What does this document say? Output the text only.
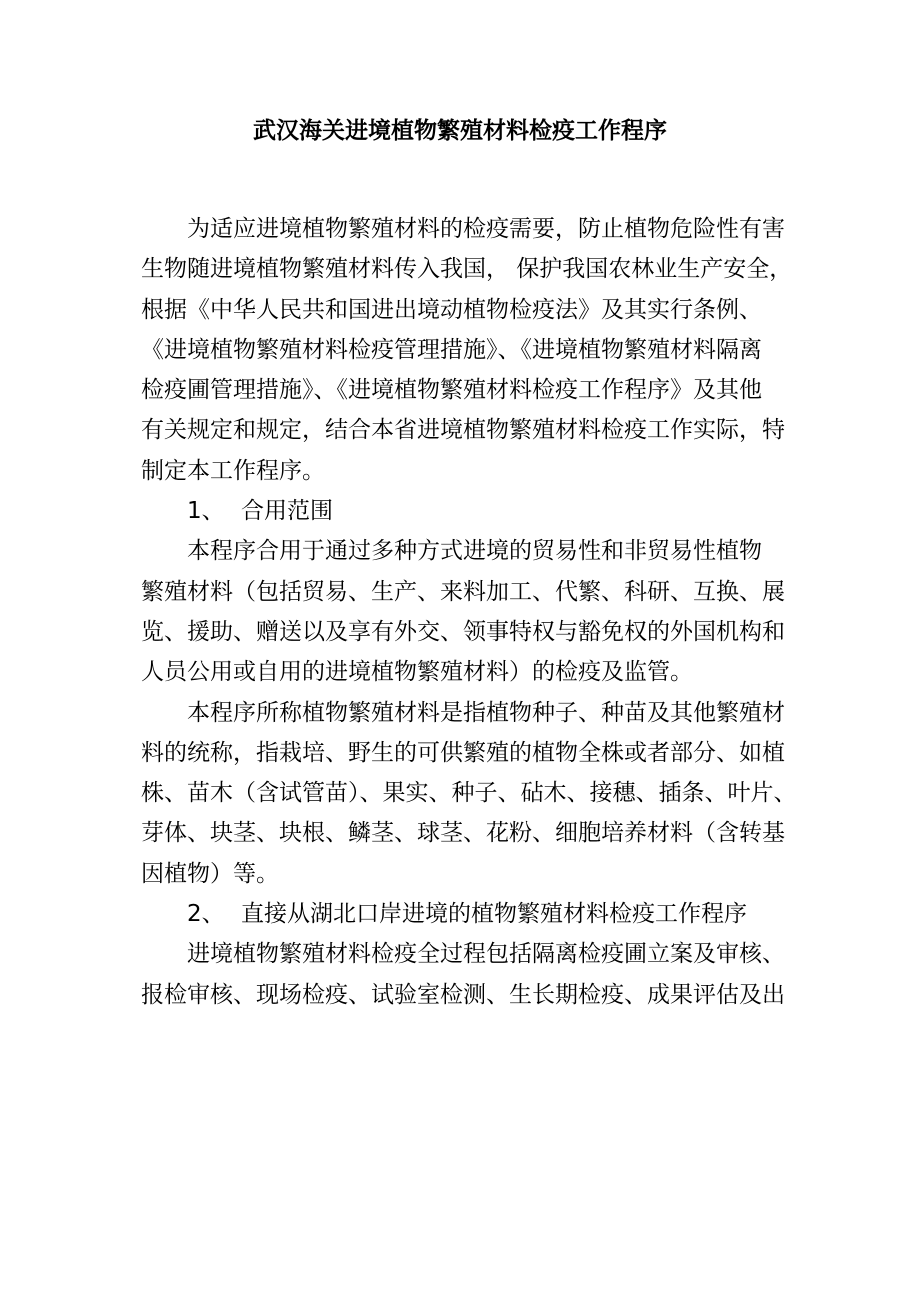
武汉海关进境植物繁殖材料检疫工作程序
为适应进境植物繁殖材料的检疫需要，防止植物危险性有害
生物随进境植物繁殖材料传入我国， 保护我国农林业生产安全，
根据《中华人民共和国进出境动植物检疫法》及其实行条例、
《进境植物繁殖材料检疫管理措施》、《进境植物繁殖材料隔离
检疫圃管理措施》、《进境植物繁殖材料检疫工作程序》及其他
有关规定和规定，结合本省进境植物繁殖材料检疫工作实际，特
制定本工作程序。
1、 合用范围
本程序合用于通过多种方式进境的贸易性和非贸易性植物
繁殖材料（包括贸易、生产、来料加工、代繁、科研、互换、展
览、援助、赠送以及享有外交、领事特权与豁免权的外国机构和
人员公用或自用的进境植物繁殖材料）的检疫及监管。
本程序所称植物繁殖材料是指植物种子、种苗及其他繁殖材
料的统称，指栽培、野生的可供繁殖的植物全株或者部分、如植
株、苗木（含试管苗）、果实、种子、砧木、接穗、插条、叶片、
芽体、块茎、块根、鳞茎、球茎、花粉、细胞培养材料（含转基
因植物）等。
2、 直接从湖北口岸进境的植物繁殖材料检疫工作程序
进境植物繁殖材料检疫全过程包括隔离检疫圃立案及审核、
报检审核、现场检疫、试验室检测、生长期检疫、成果评估及出
